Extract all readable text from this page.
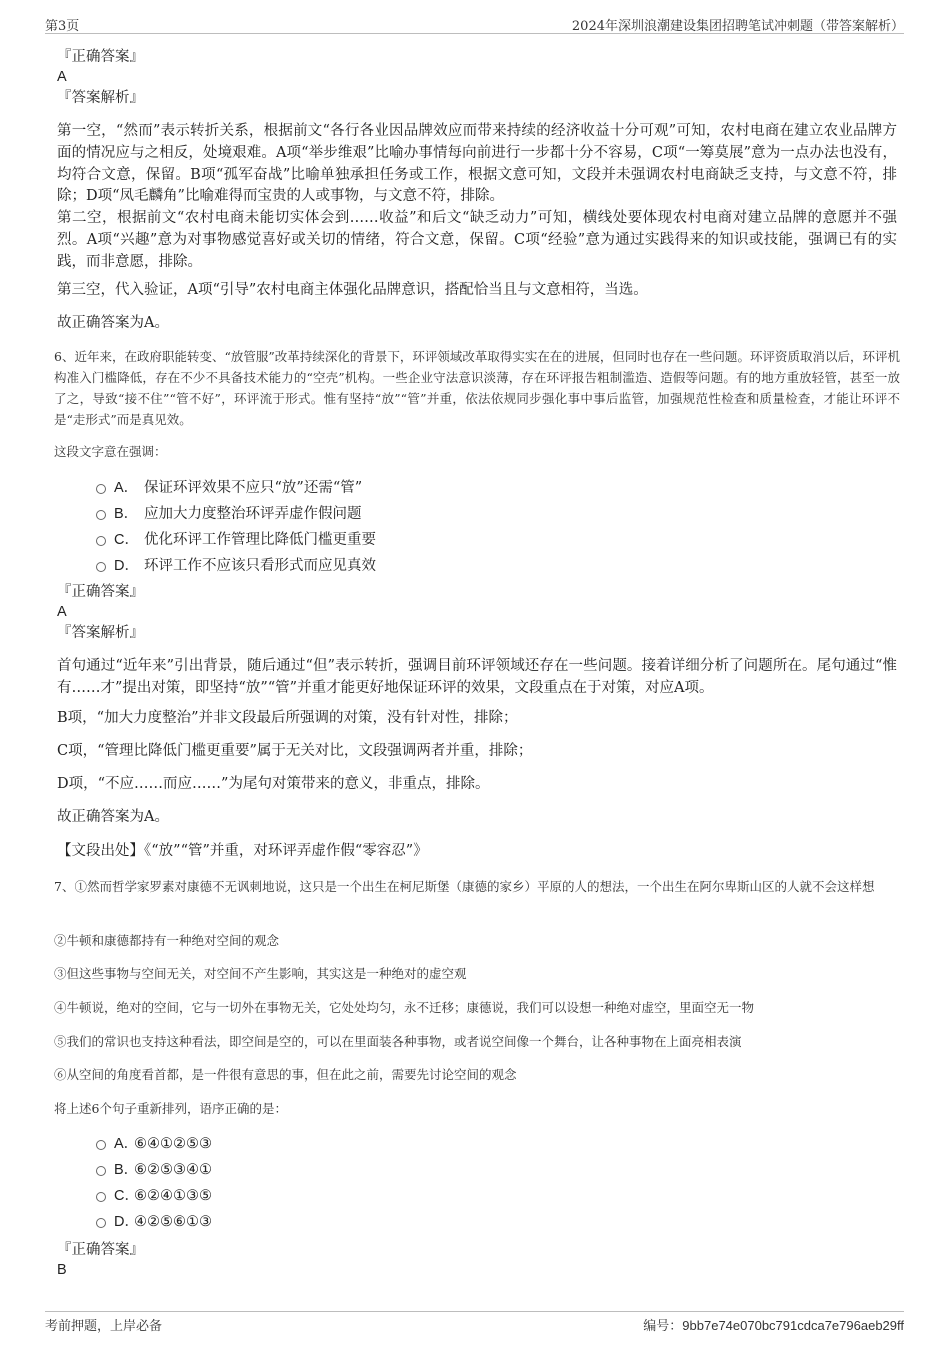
第3页	2024年深圳浪潮建设集团招聘笔试冲刺题（带答案解析）

『正确答案』

A

『答案解析』

第一空，“然而”表示转折关系，根据前文“各行各业因品牌效应而带来持续的经济收益十分可观”可知，农村电商在建立农业品牌方面的情况应与之相反，处境艰难。A项“举步维艰”比喻办事情每向前进行一步都十分不容易，C项“一筹莫展”意为一点办法也没有，均符合文意，保留。B项“孤军奋战”比喻单独承担任务或工作，根据文意可知，文段并未强调农村电商缺乏支持，与文意不符，排除；D项“凤毛麟角”比喻难得而宝贵的人或事物，与文意不符，排除。

第二空，根据前文“农村电商未能切实体会到……收益”和后文“缺乏动力”可知，横线处要体现农村电商对建立品牌的意愿并不强烈。A项“兴趣”意为对事物感觉喜好或关切的情绪，符合文意，保留。C项“经验”意为通过实践得来的知识或技能，强调已有的实践，而非意愿，排除。

第三空，代入验证，A项“引导”农村电商主体强化品牌意识，搭配恰当且与文意相符，当选。

故正确答案为A。

6、近年来，在政府职能转变、“放管服”改革持续深化的背景下，环评领域改革取得实实在在的进展，但同时也存在一些问题。环评资质取消以后，环评机构准入门槛降低，存在不少不具备技术能力的“空壳”机构。一些企业守法意识淡薄，存在环评报告粗制滥造、造假等问题。有的地方重放轻管，甚至一放了之，导致“接不住”“管不好”，环评流于形式。惟有坚持“放”“管”并重，依法依规同步强化事中事后监管，加强规范性检查和质量检查，才能让环评不是“走形式”而是真见效。

这段文字意在强调：

A． 保证环评效果不应只“放”还需“管”
B． 应加大力度整治环评弄虚作假问题
C． 优化环评工作管理比降低门槛更重要
D． 环评工作不应该只看形式而应见真效

『正确答案』

A

『答案解析』

首句通过“近年来”引出背景，随后通过“但”表示转折，强调目前环评领域还存在一些问题。接着详细分析了问题所在。尾句通过“惟有……才”提出对策，即坚持“放”“管”并重才能更好地保证环评的效果，文段重点在于对策，对应A项。

B项，“加大力度整治”并非文段最后所强调的对策，没有针对性，排除；

C项，“管理比降低门槛更重要”属于无关对比，文段强调两者并重，排除；

D项，“不应……而应……”为尾句对策带来的意义，非重点，排除。

故正确答案为A。

【文段出处】《“放”“管”并重，对环评弄虚作假“零容忍”》

7、①然而哲学家罗素对康德不无讽刺地说，这只是一个出生在柯尼斯堡（康德的家乡）平原的人的想法，一个出生在阿尔卑斯山区的人就不会这样想

②牛顿和康德都持有一种绝对空间的观念

③但这些事物与空间无关，对空间不产生影响，其实这是一种绝对的虚空观

④牛顿说，绝对的空间，它与一切外在事物无关，它处处均匀，永不迁移；康德说，我们可以设想一种绝对虚空，里面空无一物

⑤我们的常识也支持这种看法，即空间是空的，可以在里面装各种事物，或者说空间像一个舞台，让各种事物在上面亮相表演

⑥从空间的角度看首都，是一件很有意思的事，但在此之前，需要先讨论空间的观念

将上述6个句子重新排列，语序正确的是：

A．⑥④①②⑤③
B．⑥②⑤③④①
C．⑥②④①③⑤
D．④②⑤⑥①③

『正确答案』

B

考前押题，上岸必备	编号：9bb7e74e070bc791cdca7e796aeb29ff
